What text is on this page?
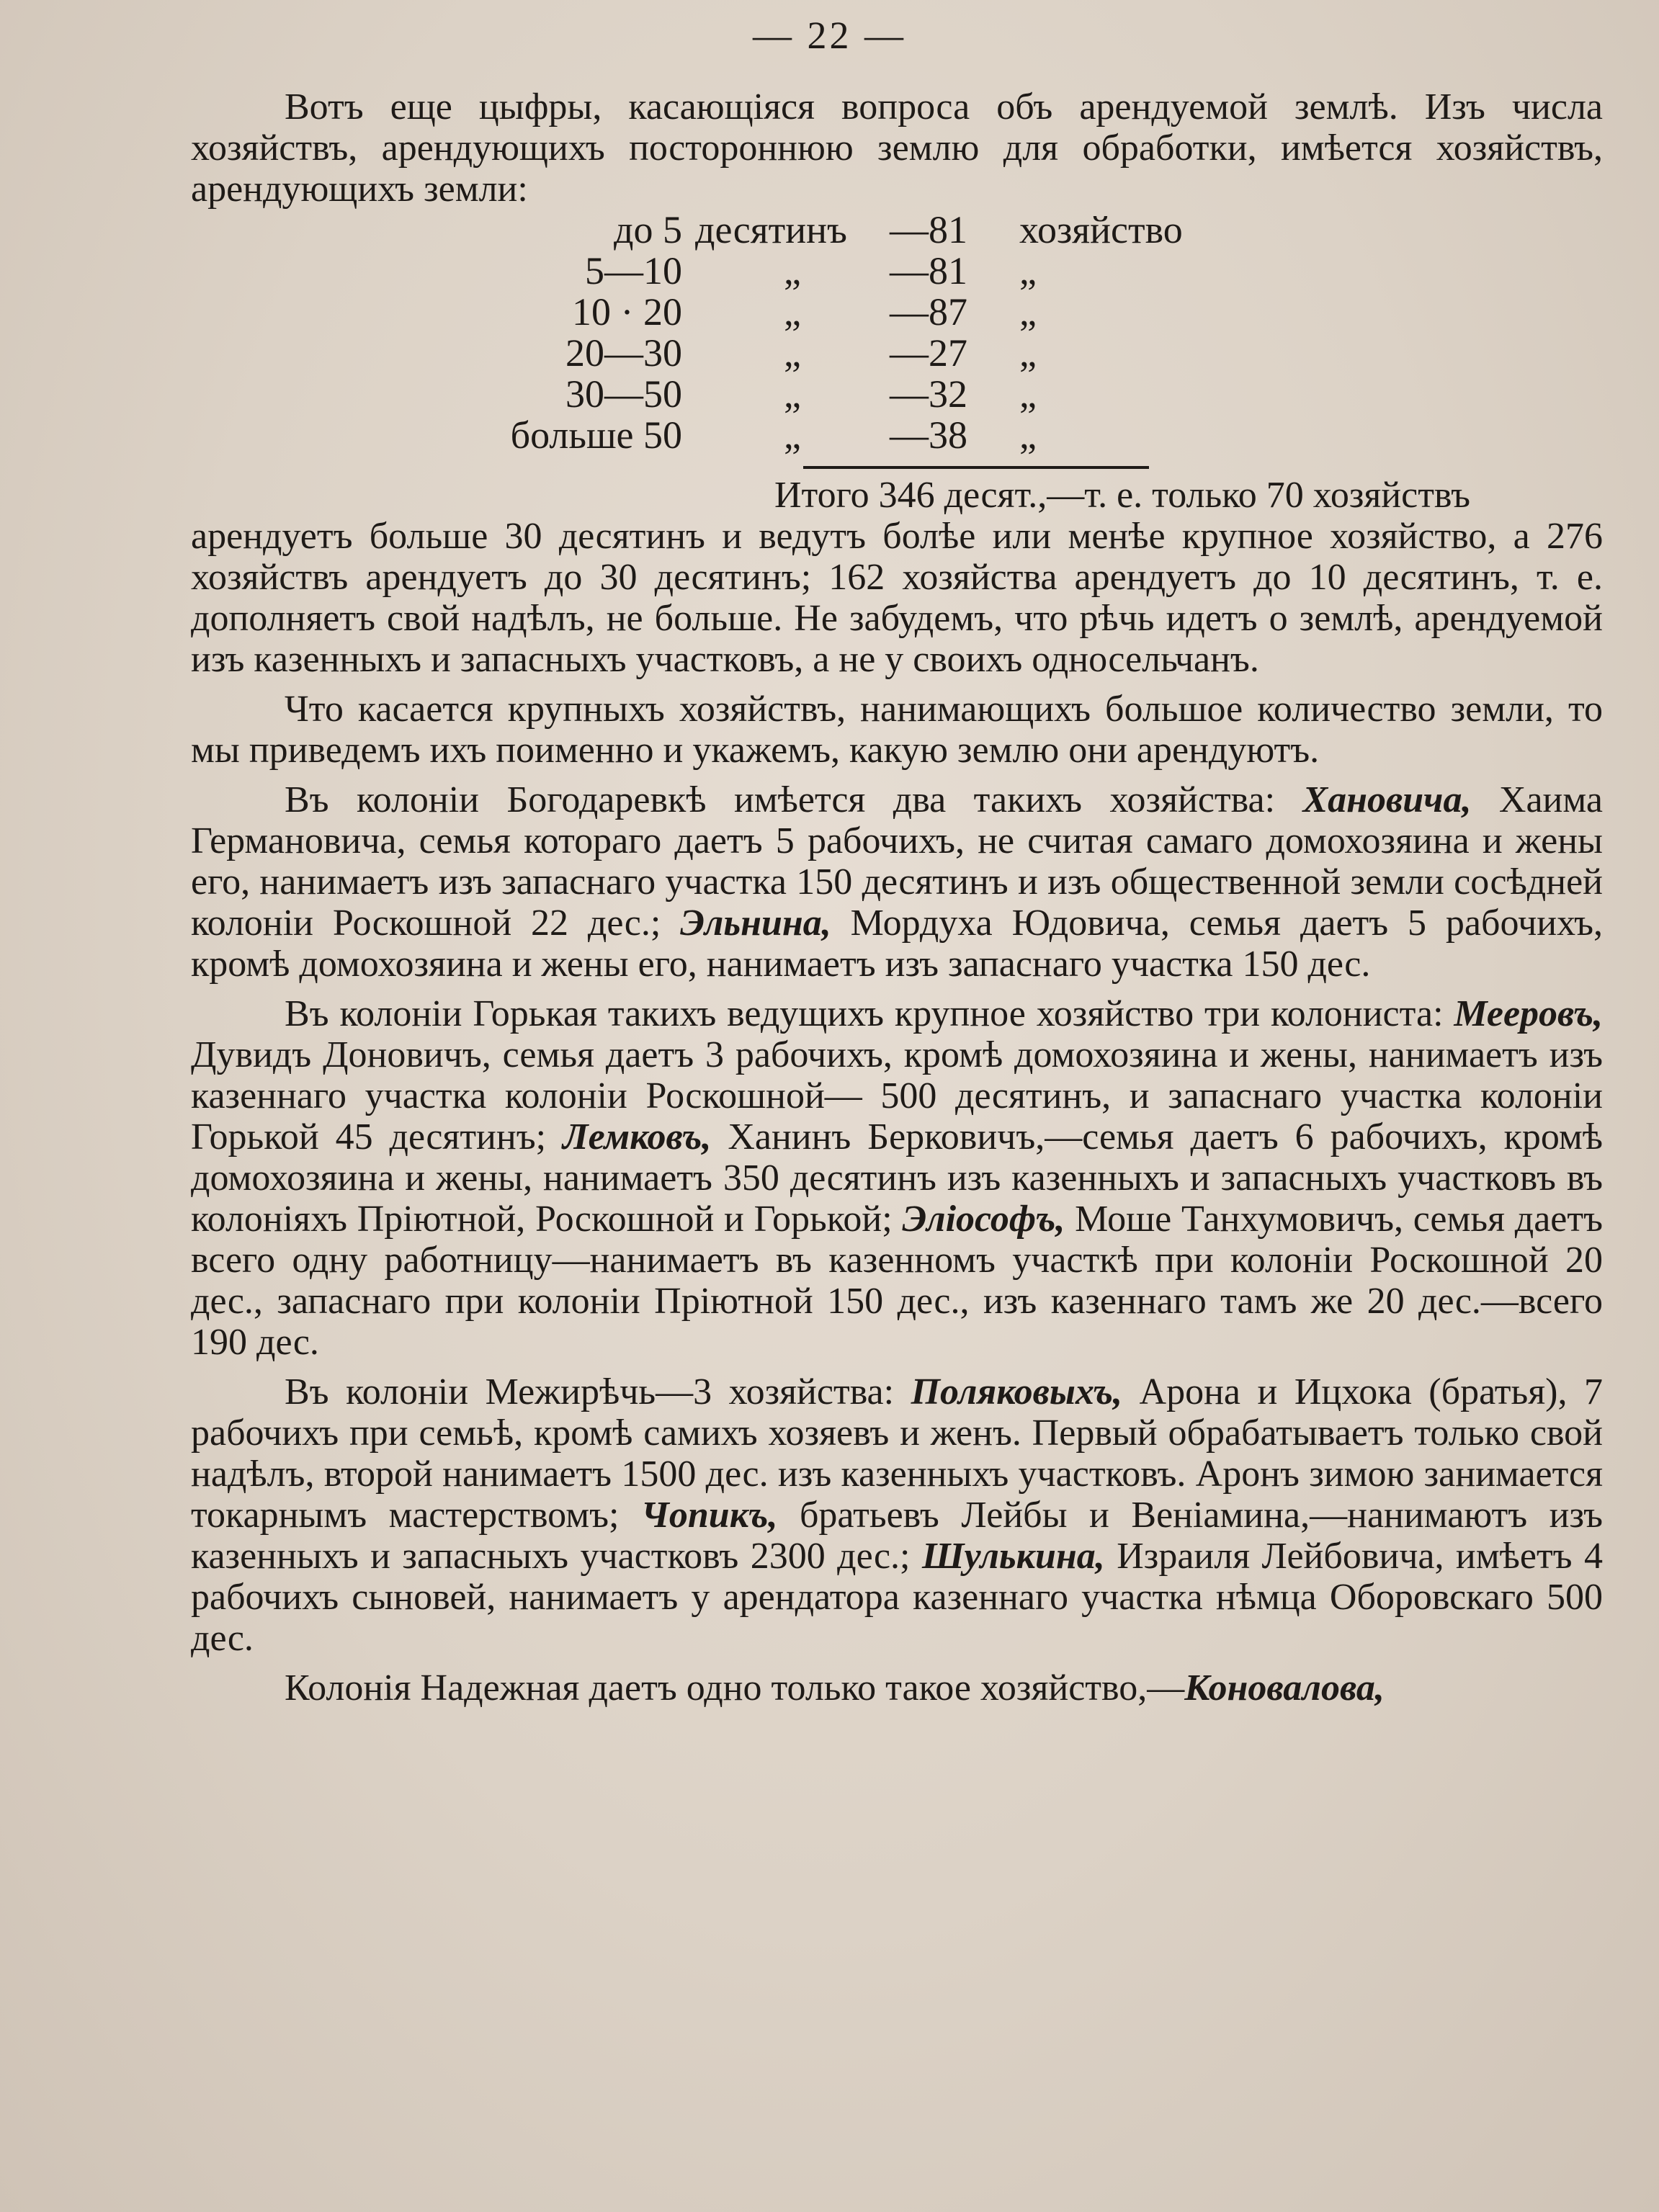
— 22 —

Вотъ еще цыфры, касающіяся вопроса объ арендуемой землѣ. Изъ числа хозяйствъ, арендующихъ постороннюю землю для обработки, имѣется хозяйствъ, арендующихъ земли:

до 5 десятинъ	—81	хозяйство
5—10	„	—81	„
10 · 20	„	—87	„
20—30	„	—27	„
30—50	„	—32	„
больше 50	„	—38	„
Итого 346 десят.,—т. е. только 70 хозяйствъ

арендуетъ больше 30 десятинъ и ведутъ болѣе или менѣе крупное хозяйство, а 276 хозяйствъ арендуетъ до 30 десятинъ; 162 хозяйства арендуетъ до 10 десятинъ, т. е. дополняетъ свой надѣлъ, не больше. Не забудемъ, что рѣчь идетъ о землѣ, арендуемой изъ казенныхъ и запасныхъ участковъ, а не у своихъ односельчанъ.

Что касается крупныхъ хозяйствъ, нанимающихъ большое количество земли, то мы приведемъ ихъ поименно и укажемъ, какую землю они арендуютъ.

Въ колоніи Богодаревкѣ имѣется два такихъ хозяйства: Хановича, Хаима Германовича, семья котораго даетъ 5 рабочихъ, не считая самаго домохозяина и жены его, нанимаетъ изъ запаснаго участка 150 десятинъ и изъ общественной земли сосѣдней колоніи Роскошной 22 дес.; Эльнина, Мордуха Юдовича, семья даетъ 5 рабочихъ, кромѣ домохозяина и жены его, нанимаетъ изъ запаснаго участка 150 дес.

Въ колоніи Горькая такихъ ведущихъ крупное хозяйство три колониста: Мееровъ, Дувидъ Доновичъ, семья даетъ 3 рабочихъ, кромѣ домохозяина и жены, нанимаетъ изъ казеннаго участка колоніи Роскошной— 500 десятинъ, и запаснаго участка колоніи Горькой 45 десятинъ; Лемковъ, Ханинъ Берковичъ,—семья даетъ 6 рабочихъ, кромѣ домохозяина и жены, нанимаетъ 350 десятинъ изъ казенныхъ и запасныхъ участковъ въ колоніяхъ Пріютной, Роскошной и Горькой; Эліософъ, Моше Танхумовичъ, семья даетъ всего одну работницу—нанимаетъ въ казенномъ участкѣ при колоніи Роскошной 20 дес., запаснаго при колоніи Пріютной 150 дес., изъ казеннаго тамъ же 20 дес.—всего 190 дес.

Въ колоніи Межирѣчь—3 хозяйства: Поляковыхъ, Арона и Ицхока (братья), 7 рабочихъ при семьѣ, кромѣ самихъ хозяевъ и женъ. Первый обрабатываетъ только свой надѣлъ, второй нанимаетъ 1500 дес. изъ казенныхъ участковъ. Аронъ зимою занимается токарнымъ мастерствомъ; Чопикъ, братьевъ Лейбы и Веніамина,—нанимаютъ изъ казенныхъ и запасныхъ участковъ 2300 дес.; Шулькина, Израиля Лейбовича, имѣетъ 4 рабочихъ сыновей, нанимаетъ у арендатора казеннаго участка нѣмца Оборовскаго 500 дес.

Колонія Надежная даетъ одно только такое хозяйство,—Коновалова,
